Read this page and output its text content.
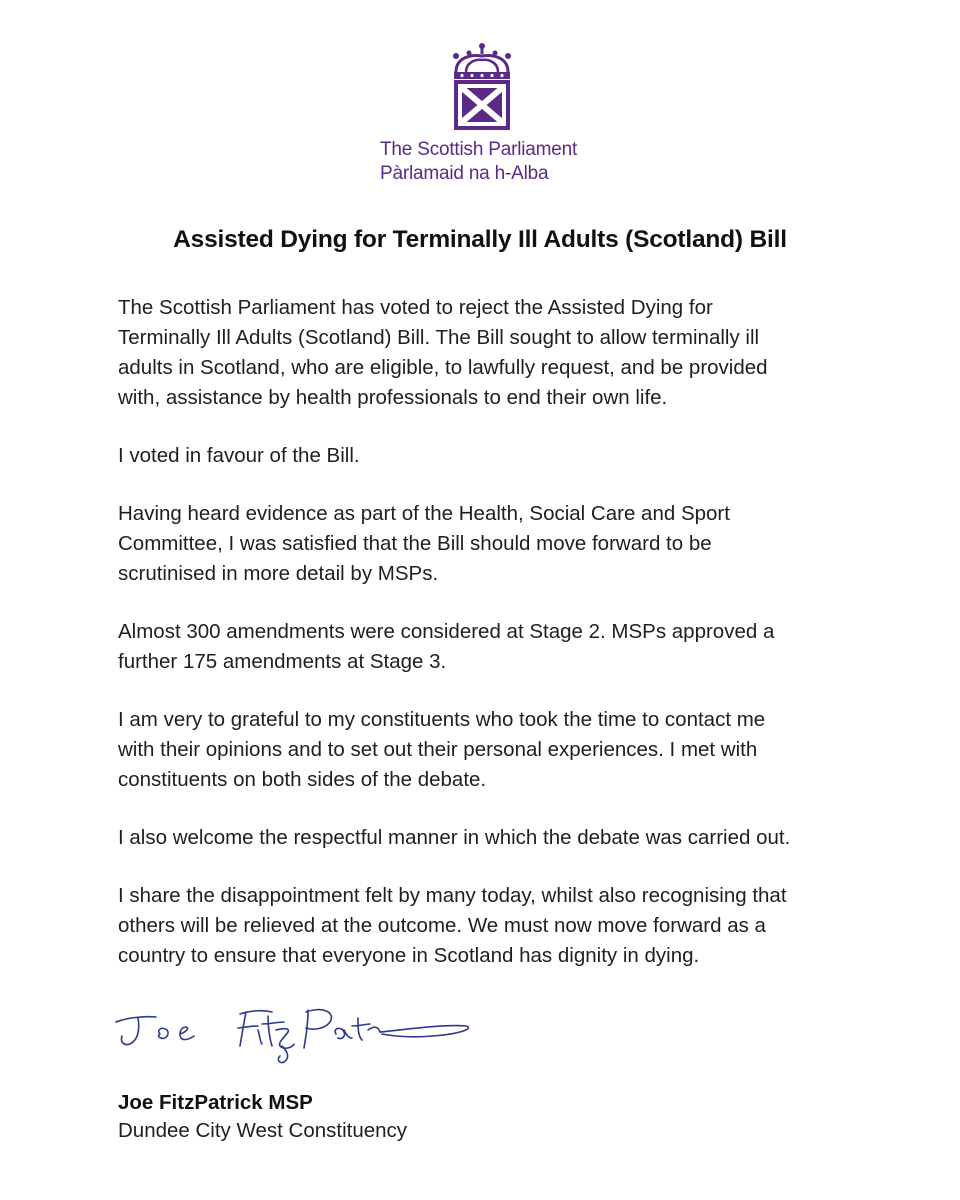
The Scottish Parliament
Pàrlamaid na h-Alba
Assisted Dying for Terminally Ill Adults (Scotland) Bill
The Scottish Parliament has voted to reject the Assisted Dying for
Terminally Ill Adults (Scotland) Bill. The Bill sought to allow terminally ill
adults in Scotland, who are eligible, to lawfully request, and be provided
with, assistance by health professionals to end their own life.
I voted in favour of the Bill.
Having heard evidence as part of the Health, Social Care and Sport
Committee, I was satisfied that the Bill should move forward to be
scrutinised in more detail by MSPs.
Almost 300 amendments were considered at Stage 2. MSPs approved a
further 175 amendments at Stage 3.
I am very to grateful to my constituents who took the time to contact me
with their opinions and to set out their personal experiences. I met with
constituents on both sides of the debate.
I also welcome the respectful manner in which the debate was carried out.
I share the disappointment felt by many today, whilst also recognising that
others will be relieved at the outcome. We must now move forward as a
country to ensure that everyone in Scotland has dignity in dying.
Joe FitzPatrick MSP
Dundee City West Constituency
